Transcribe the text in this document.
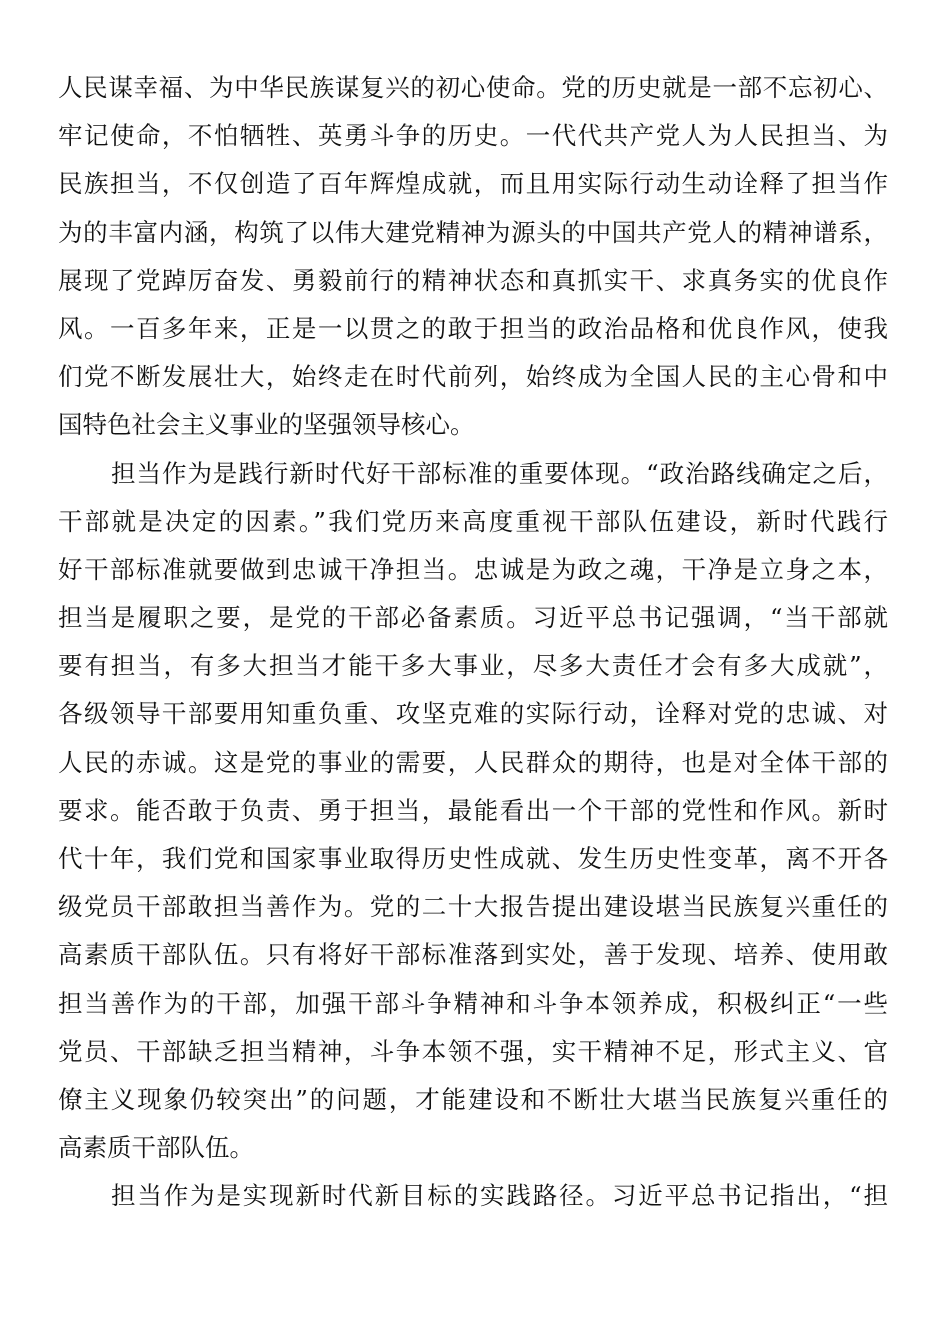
人民谋幸福、为中华民族谋复兴的初心使命。党的历史就是一部不忘初心、
牢记使命，不怕牺牲、英勇斗争的历史。一代代共产党人为人民担当、为
民族担当，不仅创造了百年辉煌成就，而且用实际行动生动诠释了担当作
为的丰富内涵，构筑了以伟大建党精神为源头的中国共产党人的精神谱系，
展现了党踔厉奋发、勇毅前行的精神状态和真抓实干、求真务实的优良作
风。一百多年来，正是一以贯之的敢于担当的政治品格和优良作风，使我
们党不断发展壮大，始终走在时代前列，始终成为全国人民的主心骨和中
国特色社会主义事业的坚强领导核心。
担当作为是践行新时代好干部标准的重要体现。“政治路线确定之后，
干部就是决定的因素。”我们党历来高度重视干部队伍建设，新时代践行
好干部标准就要做到忠诚干净担当。忠诚是为政之魂，干净是立身之本，
担当是履职之要，是党的干部必备素质。习近平总书记强调，“当干部就
要有担当，有多大担当才能干多大事业，尽多大责任才会有多大成就”，
各级领导干部要用知重负重、攻坚克难的实际行动，诠释对党的忠诚、对
人民的赤诚。这是党的事业的需要，人民群众的期待，也是对全体干部的
要求。能否敢于负责、勇于担当，最能看出一个干部的党性和作风。新时
代十年，我们党和国家事业取得历史性成就、发生历史性变革，离不开各
级党员干部敢担当善作为。党的二十大报告提出建设堪当民族复兴重任的
高素质干部队伍。只有将好干部标准落到实处，善于发现、培养、使用敢
担当善作为的干部，加强干部斗争精神和斗争本领养成，积极纠正“一些
党员、干部缺乏担当精神，斗争本领不强，实干精神不足，形式主义、官
僚主义现象仍较突出”的问题，才能建设和不断壮大堪当民族复兴重任的
高素质干部队伍。
担当作为是实现新时代新目标的实践路径。习近平总书记指出，“担
